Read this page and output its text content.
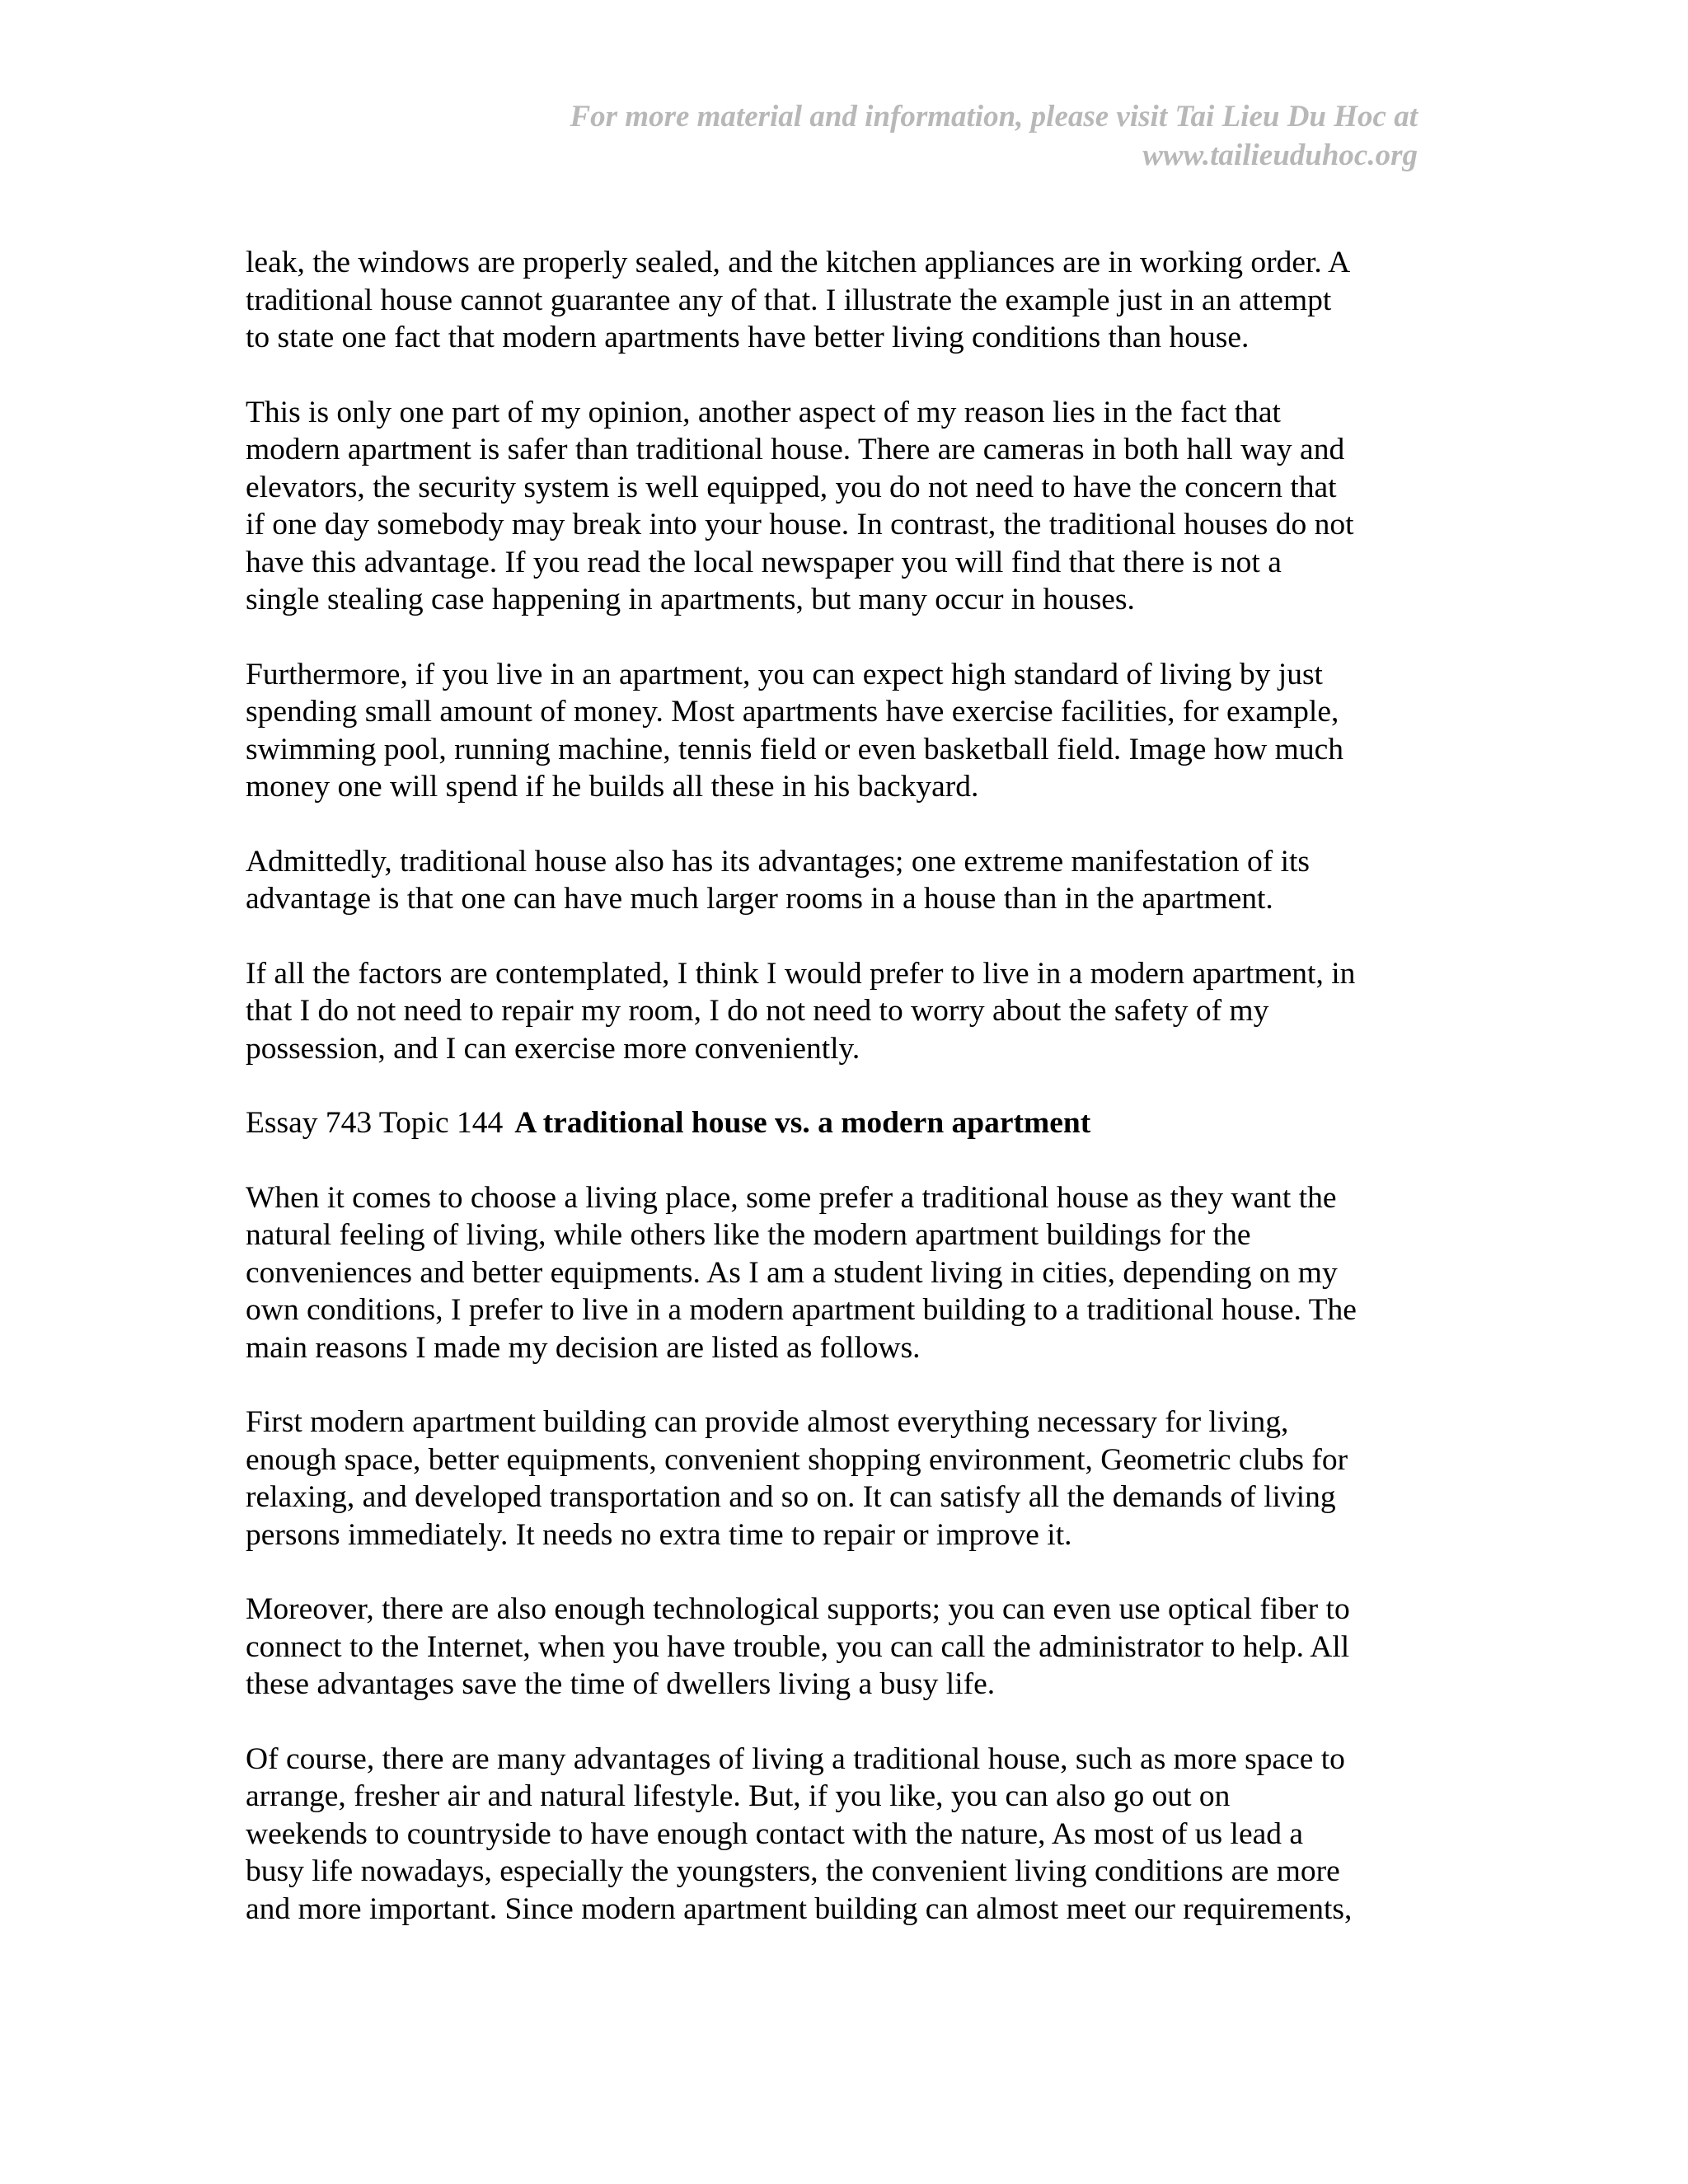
For more material and information, please visit Tai Lieu Du Hoc at
www.tailieuduhoc.org
leak, the windows are properly sealed, and the kitchen appliances are in working order. A
traditional house cannot guarantee any of that. I illustrate the example just in an attempt
to state one fact that modern apartments have better living conditions than house.
This is only one part of my opinion, another aspect of my reason lies in the fact that
modern apartment is safer than traditional house. There are cameras in both hall way and
elevators, the security system is well equipped, you do not need to have the concern that
if one day somebody may break into your house. In contrast, the traditional houses do not
have this advantage. If you read the local newspaper you will find that there is not a
single stealing case happening in apartments, but many occur in houses.
Furthermore, if you live in an apartment, you can expect high standard of living by just
spending small amount of money. Most apartments have exercise facilities, for example,
swimming pool, running machine, tennis field or even basketball field. Image how much
money one will spend if he builds all these in his backyard.
Admittedly, traditional house also has its advantages; one extreme manifestation of its
advantage is that one can have much larger rooms in a house than in the apartment.
If all the factors are contemplated, I think I would prefer to live in a modern apartment, in
that I do not need to repair my room, I do not need to worry about the safety of my
possession, and I can exercise more conveniently.
Essay 743 Topic 144 A traditional house vs. a modern apartment
When it comes to choose a living place, some prefer a traditional house as they want the
natural feeling of living, while others like the modern apartment buildings for the
conveniences and better equipments. As I am a student living in cities, depending on my
own conditions, I prefer to live in a modern apartment building to a traditional house. The
main reasons I made my decision are listed as follows.
First modern apartment building can provide almost everything necessary for living,
enough space, better equipments, convenient shopping environment, Geometric clubs for
relaxing, and developed transportation and so on. It can satisfy all the demands of living
persons immediately. It needs no extra time to repair or improve it.
Moreover, there are also enough technological supports; you can even use optical fiber to
connect to the Internet, when you have trouble, you can call the administrator to help. All
these advantages save the time of dwellers living a busy life.
Of course, there are many advantages of living a traditional house, such as more space to
arrange, fresher air and natural lifestyle. But, if you like, you can also go out on
weekends to countryside to have enough contact with the nature, As most of us lead a
busy life nowadays, especially the youngsters, the convenient living conditions are more
and more important. Since modern apartment building can almost meet our requirements,
